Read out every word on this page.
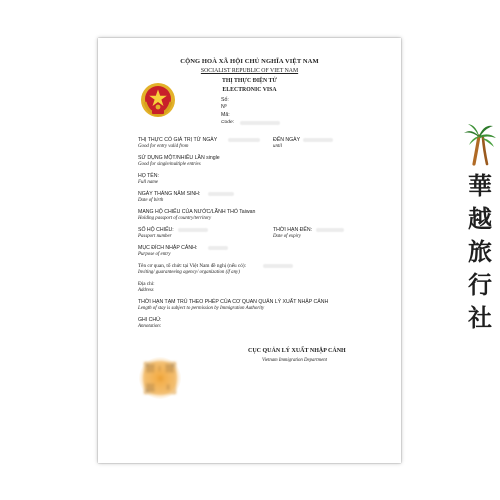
CỘNG HOÀ XÃ HỘI CHỦ NGHĨA VIỆT NAM
SOCIALIST REPUBLIC OF VIET NAM
THỊ THỰC ĐIỆN TỬ
ELECTRONIC VISA
Số:
Nº
Mã:
Code:
THỊ THỰC CÓ GIÁ TRỊ TỪ NGÀY
Good for entry valid from
ĐẾN NGÀY
until
SỬ DỤNG MỘT/NHIỀU LẦN single
Good for single/multiple entries
HỌ TÊN:
Full name
NGÀY THÁNG NĂM SINH:
Date of birth
MANG HỘ CHIẾU CỦA NƯỚC/LÃNH THỔ Taiwan
Holding passport of country/territory
SỐ HỘ CHIẾU:
Passport number
THỜI HẠN ĐẾN:
Date of expiry
MỤC ĐÍCH NHẬP CẢNH:
Purpose of entry
Tên cơ quan, tổ chức tại Việt Nam đề nghị (nếu có):
Inviting/ guaranteeing agency/ organization (if any)
Địa chỉ:
Address
THỜI HẠN TẠM TRÚ THEO PHÉP CỦA CƠ QUAN QUẢN LÝ XUẤT NHẬP CẢNH
Length of stay is subject to permission by Immigration Authority
GHI CHÚ:
Annotation:
CỤC QUẢN LÝ XUẤT NHẬP CẢNH
Vietnam Immigration Department
華
越
旅
行
社
